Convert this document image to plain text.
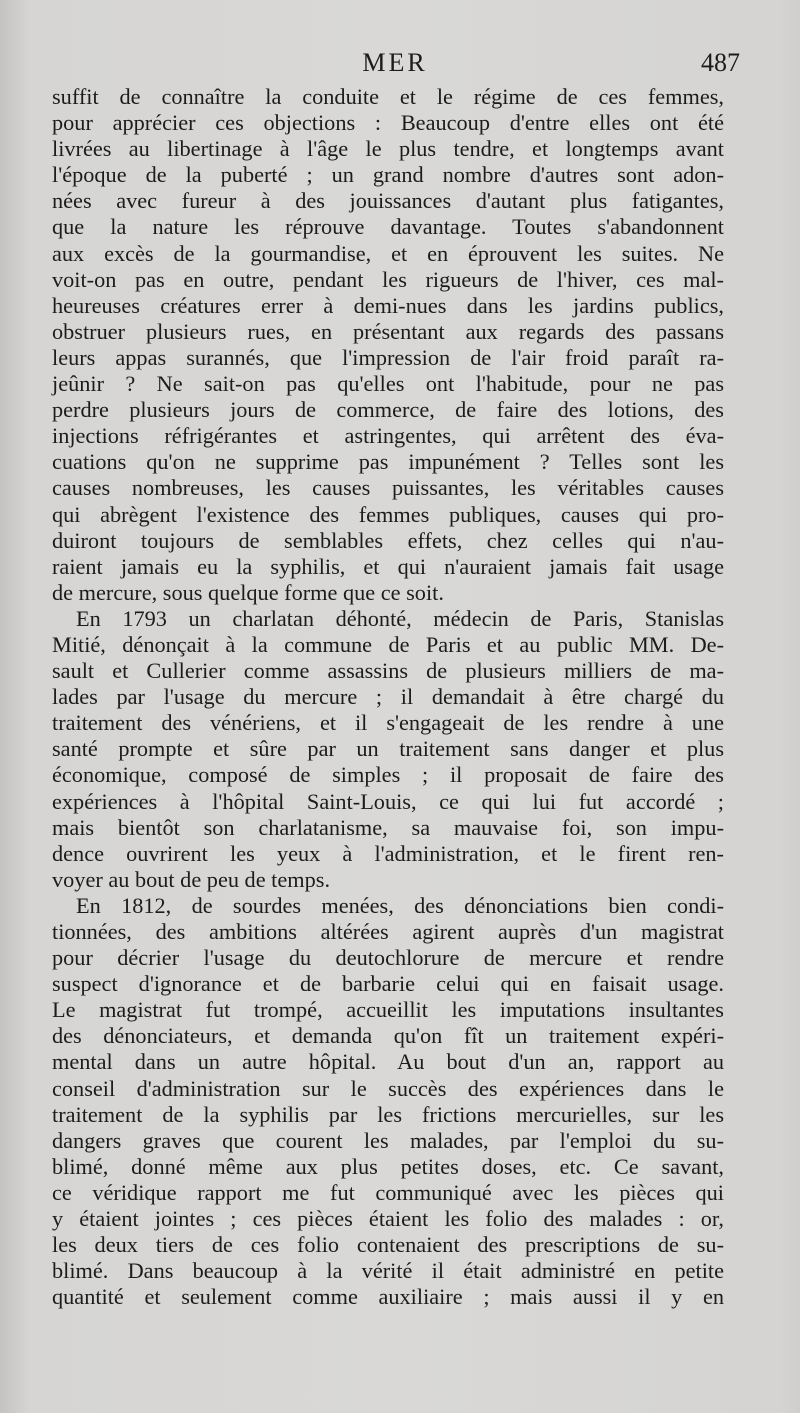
MER	487
suffit de connaître la conduite et le régime de ces femmes,
pour apprécier ces objections : Beaucoup d'entre elles ont été
livrées au libertinage à l'âge le plus tendre, et longtemps avant
l'époque de la puberté ; un grand nombre d'autres sont adon-
nées avec fureur à des jouissances d'autant plus fatigantes,
que la nature les réprouve davantage. Toutes s'abandonnent
aux excès de la gourmandise, et en éprouvent les suites. Ne
voit-on pas en outre, pendant les rigueurs de l'hiver, ces mal-
heureuses créatures errer à demi-nues dans les jardins publics,
obstruer plusieurs rues, en présentant aux regards des passans
leurs appas surannés, que l'impression de l'air froid paraît ra-
jeûnir ? Ne sait-on pas qu'elles ont l'habitude, pour ne pas
perdre plusieurs jours de commerce, de faire des lotions, des
injections réfrigérantes et astringentes, qui arrêtent des éva-
cuations qu'on ne supprime pas impunément ? Telles sont les
causes nombreuses, les causes puissantes, les véritables causes
qui abrègent l'existence des femmes publiques, causes qui pro-
duiront toujours de semblables effets, chez celles qui n'au-
raient jamais eu la syphilis, et qui n'auraient jamais fait usage
de mercure, sous quelque forme que ce soit.
En 1793 un charlatan déhonté, médecin de Paris, Stanislas
Mitié, dénonçait à la commune de Paris et au public MM. De-
sault et Cullerier comme assassins de plusieurs milliers de ma-
lades par l'usage du mercure ; il demandait à être chargé du
traitement des vénériens, et il s'engageait de les rendre à une
santé prompte et sûre par un traitement sans danger et plus
économique, composé de simples ; il proposait de faire des
expériences à l'hôpital Saint-Louis, ce qui lui fut accordé ;
mais bientôt son charlatanisme, sa mauvaise foi, son impu-
dence ouvrirent les yeux à l'administration, et le firent ren-
voyer au bout de peu de temps.
En 1812, de sourdes menées, des dénonciations bien condi-
tionnées, des ambitions altérées agirent auprès d'un magistrat
pour décrier l'usage du deutochlorure de mercure et rendre
suspect d'ignorance et de barbarie celui qui en faisait usage.
Le magistrat fut trompé, accueillit les imputations insultantes
des dénonciateurs, et demanda qu'on fît un traitement expéri-
mental dans un autre hôpital. Au bout d'un an, rapport au
conseil d'administration sur le succès des expériences dans le
traitement de la syphilis par les frictions mercurielles, sur les
dangers graves que courent les malades, par l'emploi du su-
blimé, donné même aux plus petites doses, etc. Ce savant,
ce véridique rapport me fut communiqué avec les pièces qui
y étaient jointes ; ces pièces étaient les folio des malades : or,
les deux tiers de ces folio contenaient des prescriptions de su-
blimé. Dans beaucoup à la vérité il était administré en petite
quantité et seulement comme auxiliaire ; mais aussi il y en
